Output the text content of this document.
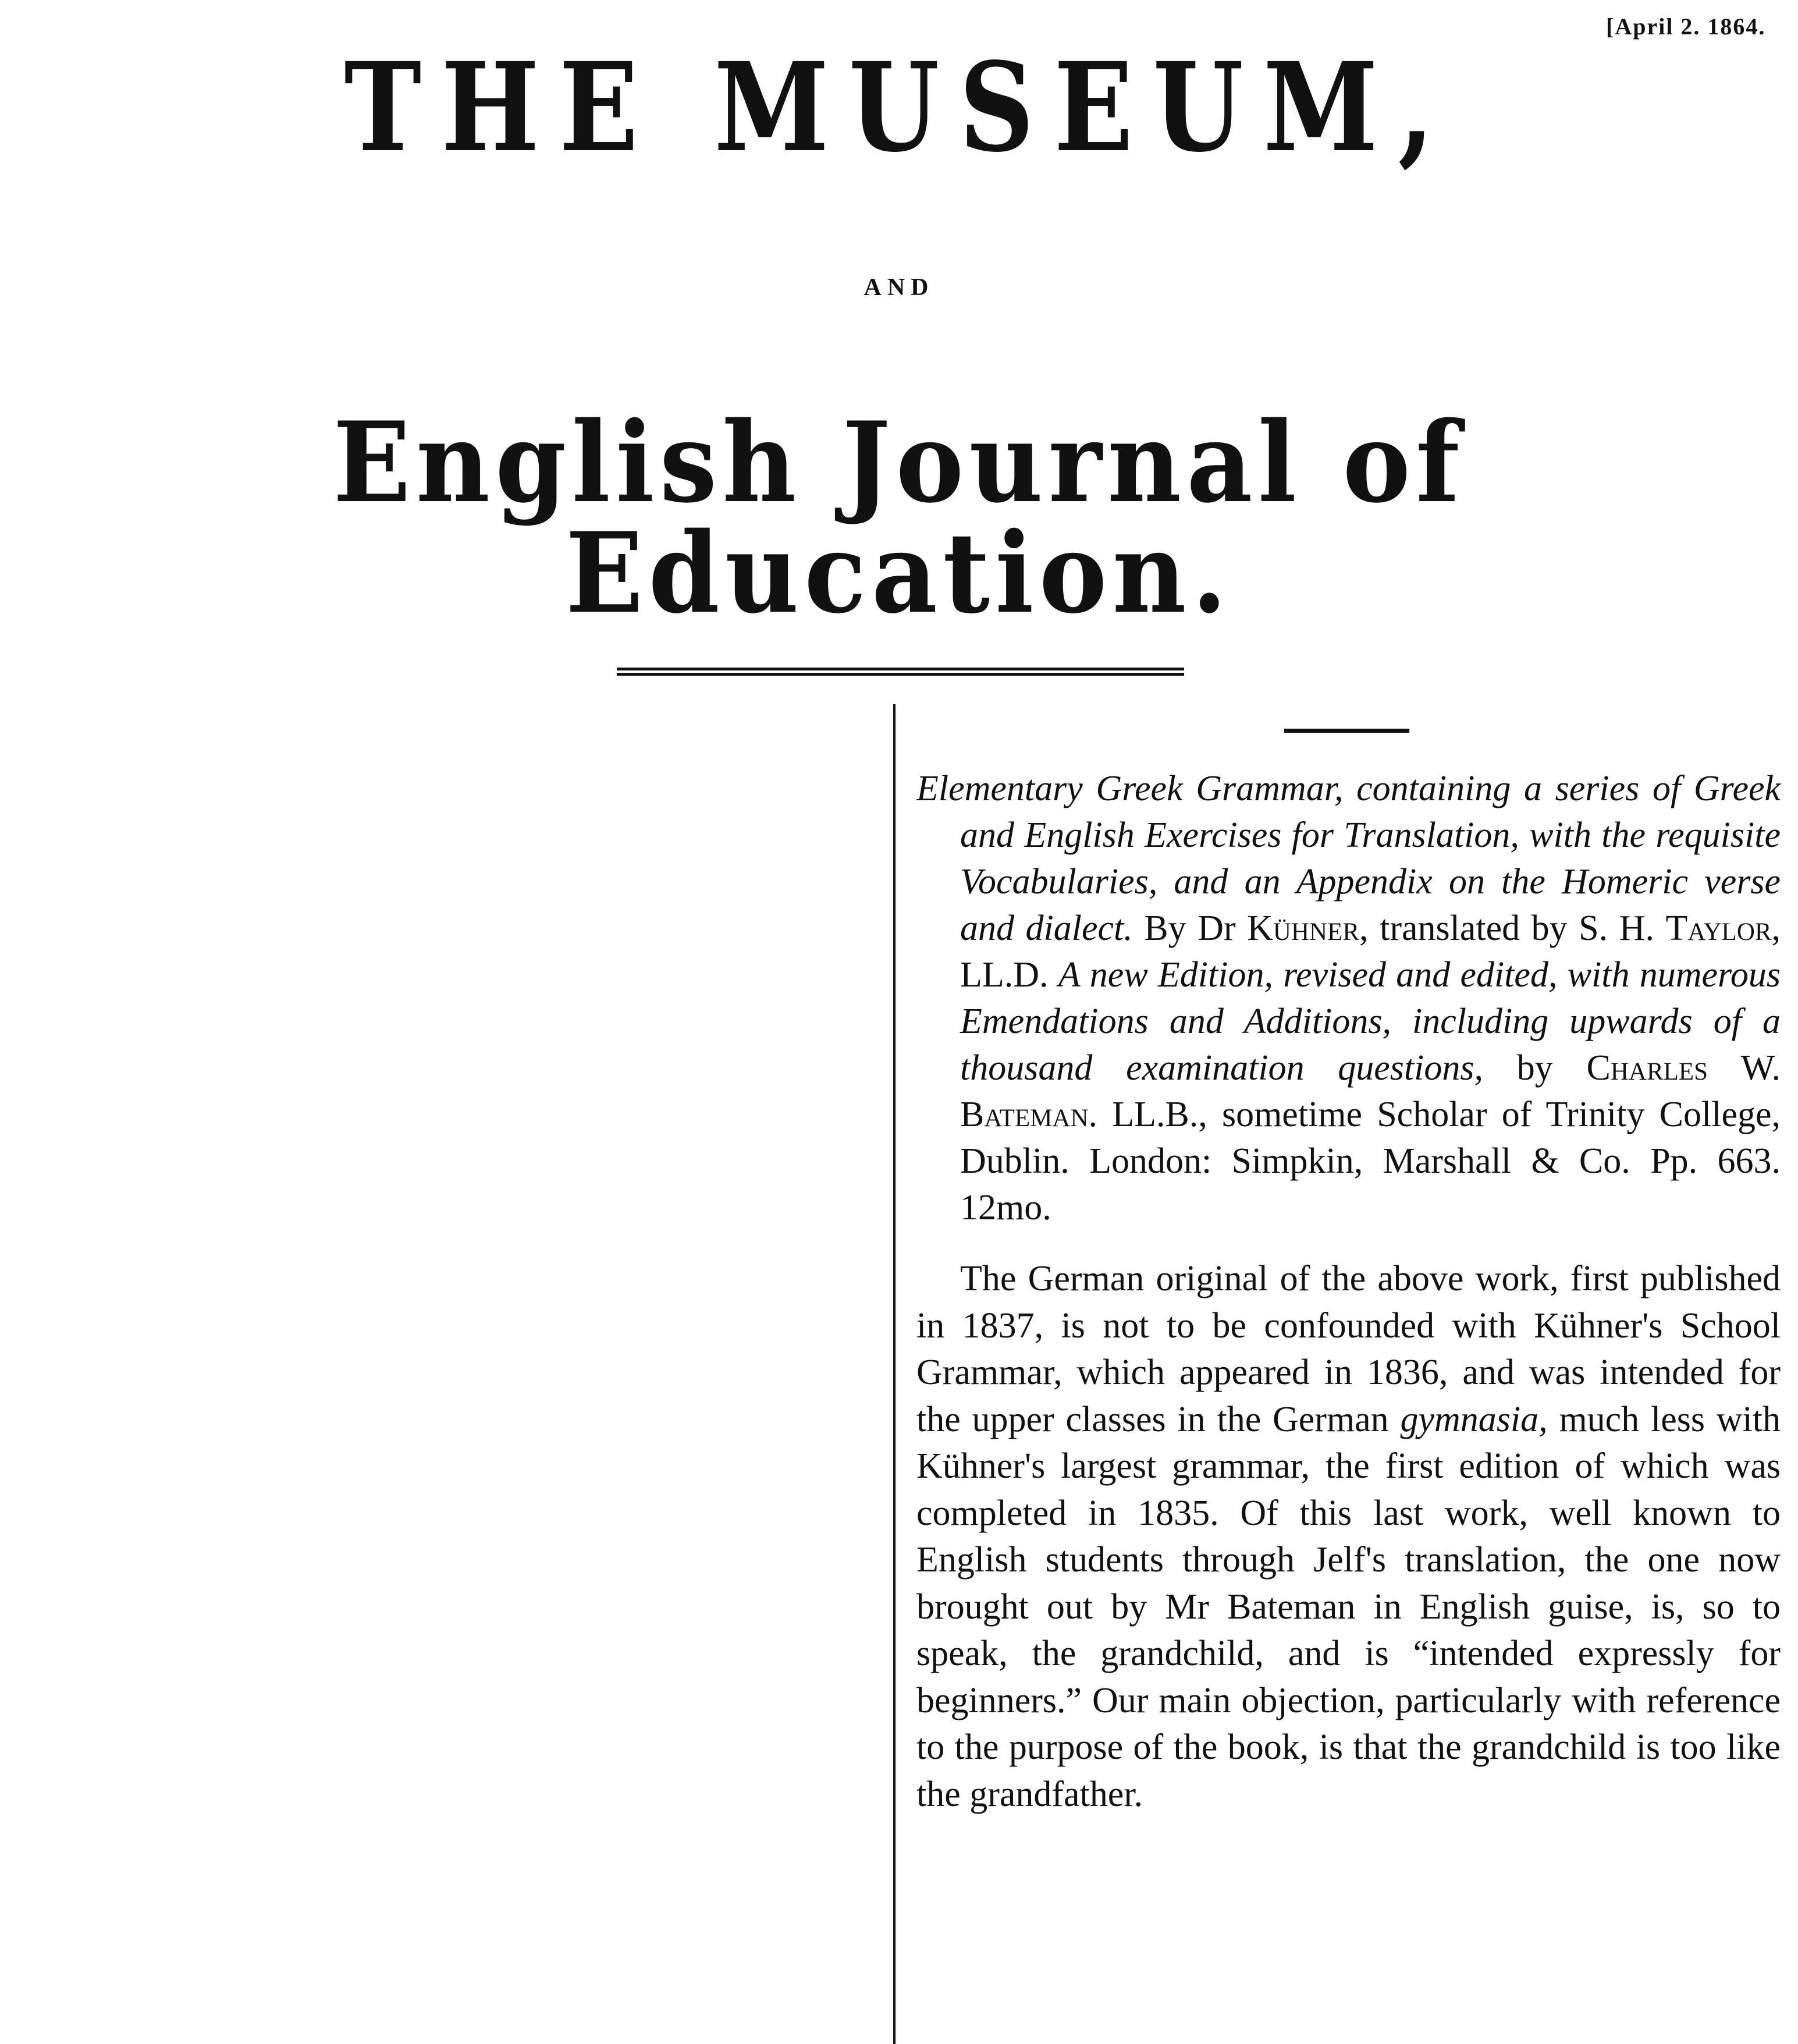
[April 2. 1864.
THE MUSEUM,
AND
English Journal of Education.

Elementary Greek Grammar, containing a series of Greek and English Exercises for Translation, with the requisite Vocabularies, and an Appendix on the Homeric verse and dialect. By Dr Kühner, translated by S. H. Taylor, LL.D. A new Edition, revised and edited, with numerous Emendations and Additions, including upwards of a thousand examination questions, by Charles W. Bateman. LL.B., sometime Scholar of Trinity College, Dublin. London: Simpkin, Marshall & Co. Pp. 663. 12mo.

The German original of the above work, first published in 1837, is not to be confounded with Kühner's School Grammar, which appeared in 1836, and was intended for the upper classes in the German gymnasia, much less with Kühner's largest grammar, the first edition of which was completed in 1835. Of this last work, well known to English students through Jelf's translation, the one now brought out by Mr Bateman in English guise, is, so to speak, the grandchild, and is “intended expressly for beginners.” Our main objection, particularly with reference to the purpose of the book, is that the grandchild is too like the grandfather.
